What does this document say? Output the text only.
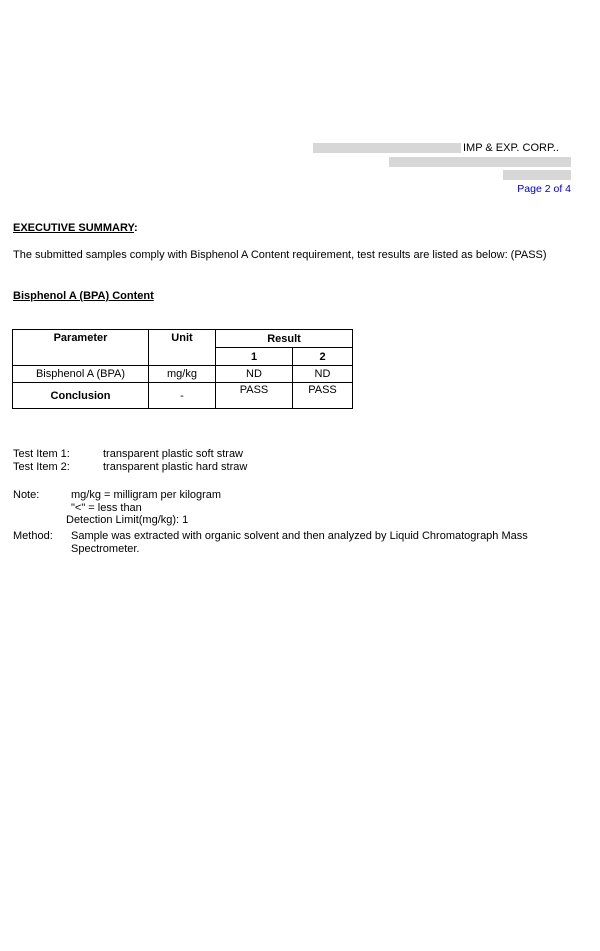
IMP & EXP. CORP..
Page 2 of 4
EXECUTIVE SUMMARY:
The submitted samples comply with Bisphenol A Content requirement, test results are listed as below: (PASS)
Bisphenol A (BPA) Content
Parameter	Unit	Result	
		1	2
Bisphenol A (BPA)	mg/kg	ND	ND
Conclusion	-	PASS	PASS
Test Item 1:	transparent plastic soft straw
Test Item 2:	transparent plastic hard straw
Note:	mg/kg = milligram per kilogram
"<" = less than
Detection Limit(mg/kg): 1
Method: Sample was extracted with organic solvent and then analyzed by Liquid Chromatograph Mass Spectrometer.
